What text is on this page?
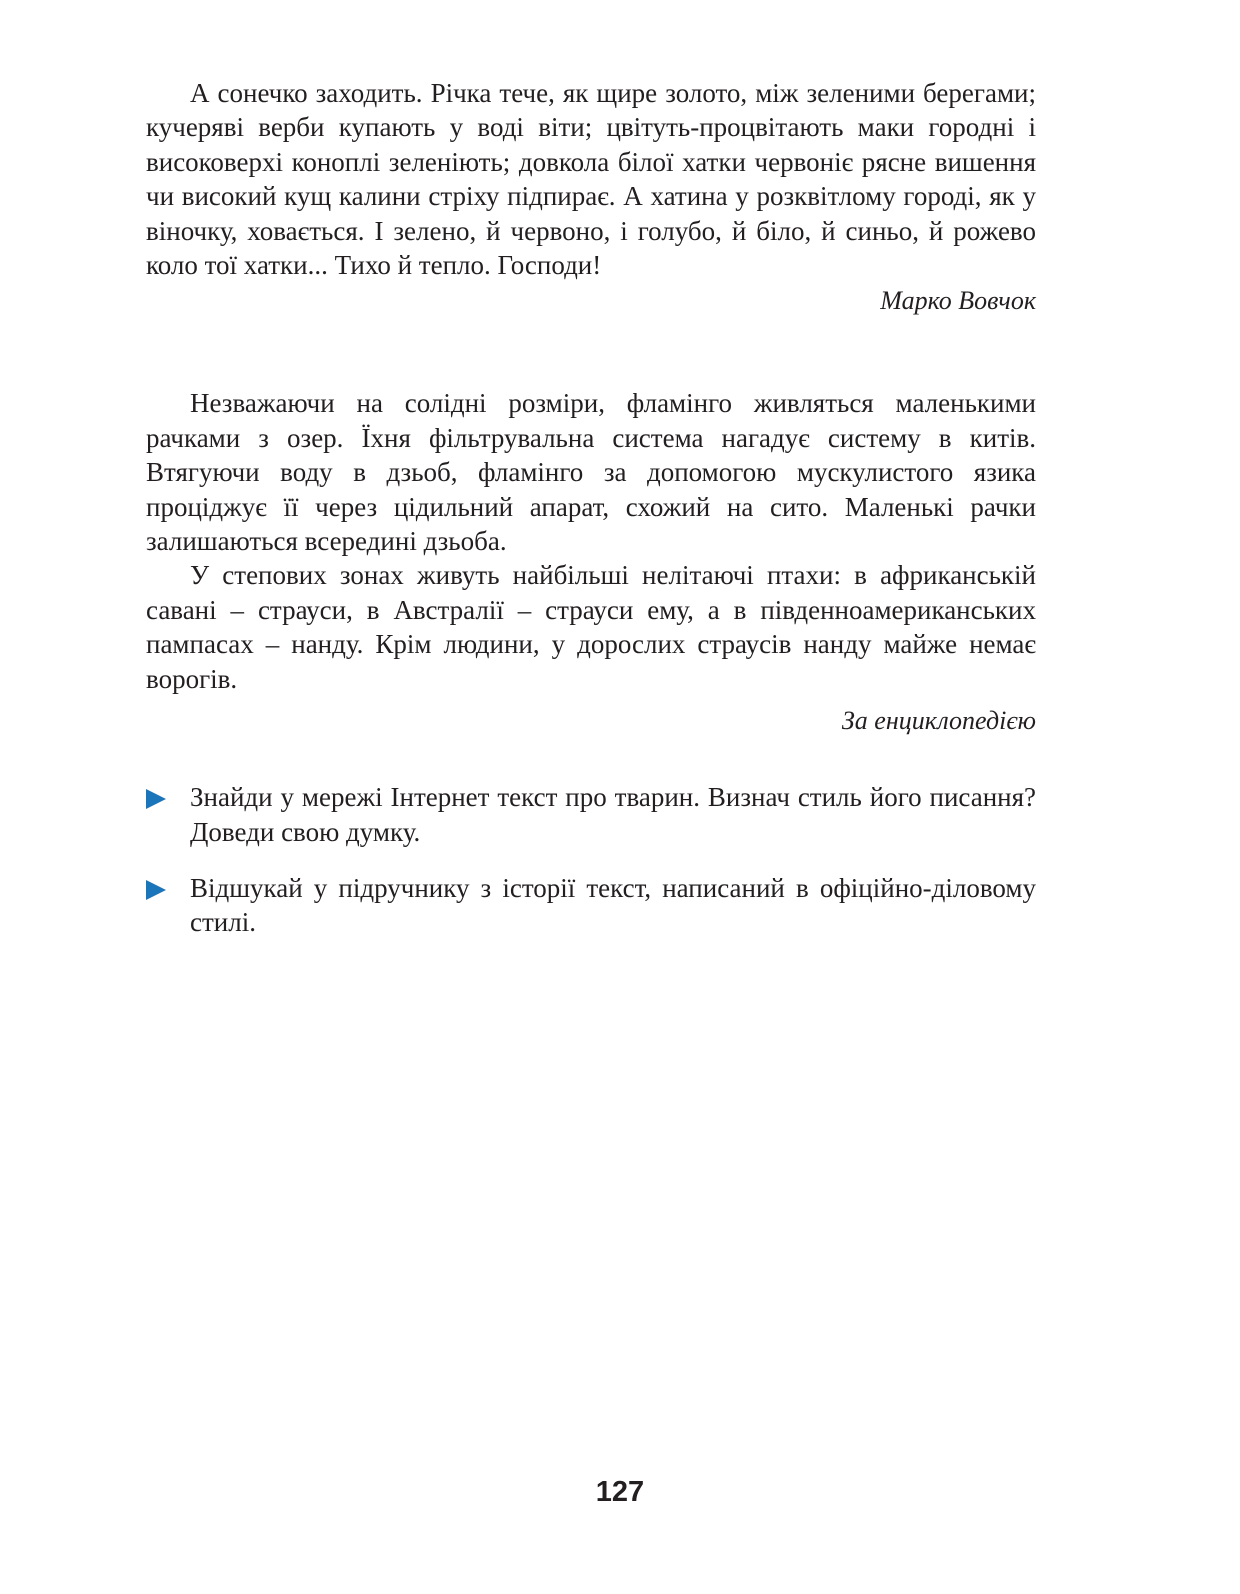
А сонечко заходить. Річка тече, як щире золото, між зеленими берегами; кучеряві верби купають у воді віти; цвітуть-процвітають маки городні і високоверхі коноплі зеленіють; довкола білої хатки червоніє рясне вишення чи високий кущ калини стріху підпирає. А хатина у розквітлому городі, як у віночку, ховається. І зелено, й червоно, і голубо, й біло, й синьо, й рожево коло тої хатки... Тихо й тепло. Господи!

Марко Вовчок

Незважаючи на солідні розміри, фламінго живляться маленькими рачками з озер. Їхня фільтрувальна система нагадує систему в китів. Втягуючи воду в дзьоб, фламінго за допомогою мускулистого язика проціджує її через цідильний апарат, схожий на сито. Маленькі рачки залишаються всередині дзьоба.

У степових зонах живуть найбільші нелітаючі птахи: в африканській савані – страуси, в Австралії – страуси ему, а в південноамериканських пампасах – нанду. Крім людини, у дорослих страусів нанду майже немає ворогів.

За енциклопедією

Знайди у мережі Інтернет текст про тварин. Визнач стиль його писання? Доведи свою думку.
Відшукай у підручнику з історії текст, написаний в офіційно-діловому стилі.
127
